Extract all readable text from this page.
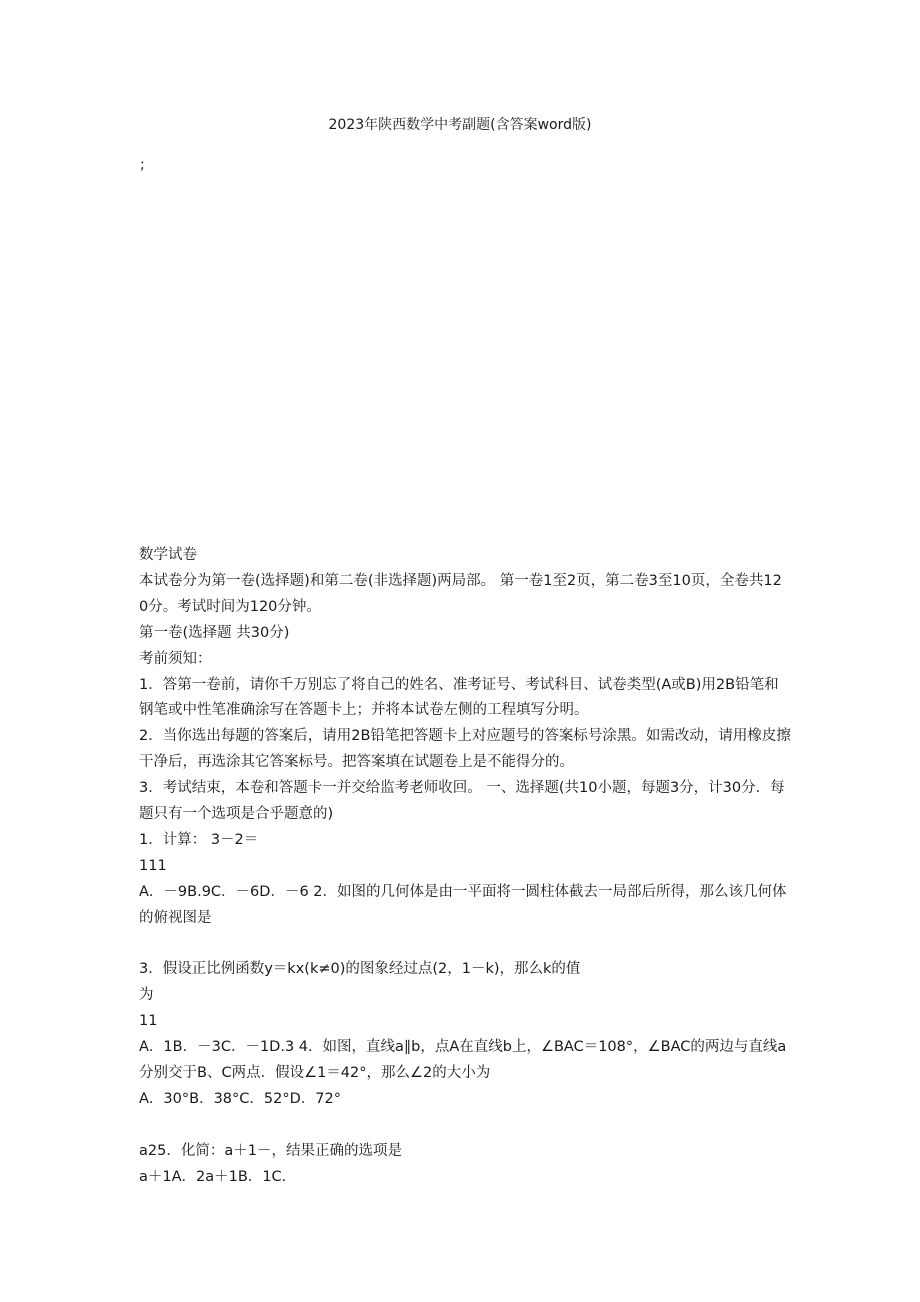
2023年陕西数学中考副题(含答案word版)
;

数学试卷

本试卷分为第一卷(选择题)和第二卷(非选择题)两局部。 第一卷1至2页，第二卷3至10页，全卷共120分。考试时间为120分钟。

第一卷(选择题 共30分)

考前须知：

1．答第一卷前，请你千万别忘了将自己的姓名、准考证号、考试科目、试卷类型(A或B)用2B铅笔和钢笔或中性笔准确涂写在答题卡上；并将本试卷左侧的工程填写分明。

2．当你选出每题的答案后，请用2B铅笔把答题卡上对应题号的答案标号涂黑。如需改动，请用橡皮擦干净后，再选涂其它答案标号。把答案填在试题卷上是不能得分的。

3．考试结束，本卷和答题卡一并交给监考老师收回。 一、选择题(共10小题，每题3分，计30分．每题只有一个选项是合乎题意的)

1．计算： 3－2＝

111

A．－9B.9C．－6D．－6 2．如图的几何体是由一平面将一圆柱体截去一局部后所得，那么该几何体的俯视图是

3．假设正比例函数y＝kx(k≠0)的图象经过点(2，1－k)，那么k的值

为

11

A．1B．－3C．－1D.3 4．如图，直线a∥b，点A在直线b上，∠BAC＝108°，∠BAC的两边与直线a分别交于B、C两点．假设∠1＝42°，那么∠2的大小为

A．30°B．38°C．52°D．72°

a25．化简：a＋1－，结果正确的选项是

a＋1A．2a＋1B．1C.
